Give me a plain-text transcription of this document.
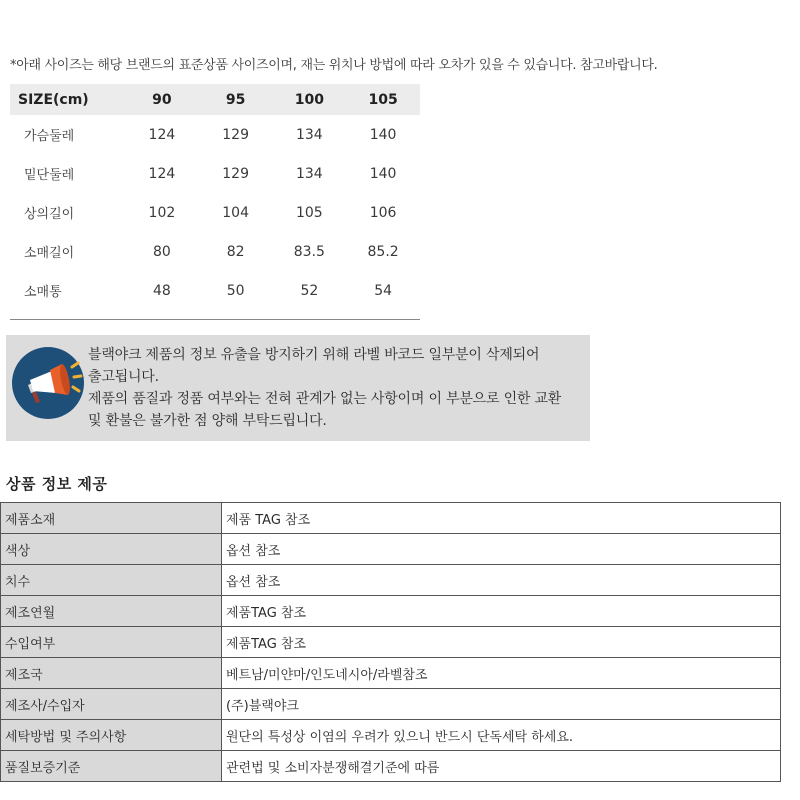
*아래 사이즈는 해당 브랜드의 표준상품 사이즈이며, 재는 위치나 방법에 따라 오차가 있을 수 있습니다. 참고바랍니다.
SIZE(cm)	90	95	100	105
가슴둘레	124	129	134	140
밑단둘레	124	129	134	140
상의길이	102	104	105	106
소매길이	80	82	83.5	85.2
소매통	48	50	52	54
블랙야크 제품의 정보 유출을 방지하기 위해 라벨 바코드 일부분이 삭제되어
출고됩니다.
제품의 품질과 정품 여부와는 전혀 관계가 없는 사항이며 이 부분으로 인한 교환
및 환불은 불가한 점 양해 부탁드립니다.
상품 정보 제공
제품소재	제품 TAG 참조
색상	옵션 참조
치수	옵션 참조
제조연월	제품TAG 참조
수입여부	제품TAG 참조
제조국	베트남/미얀마/인도네시아/라벨참조
제조사/수입자	(주)블랙야크
세탁방법 및 주의사항	원단의 특성상 이염의 우려가 있으니 반드시 단독세탁 하세요.
품질보증기준	관련법 및 소비자분쟁해결기준에 따름
